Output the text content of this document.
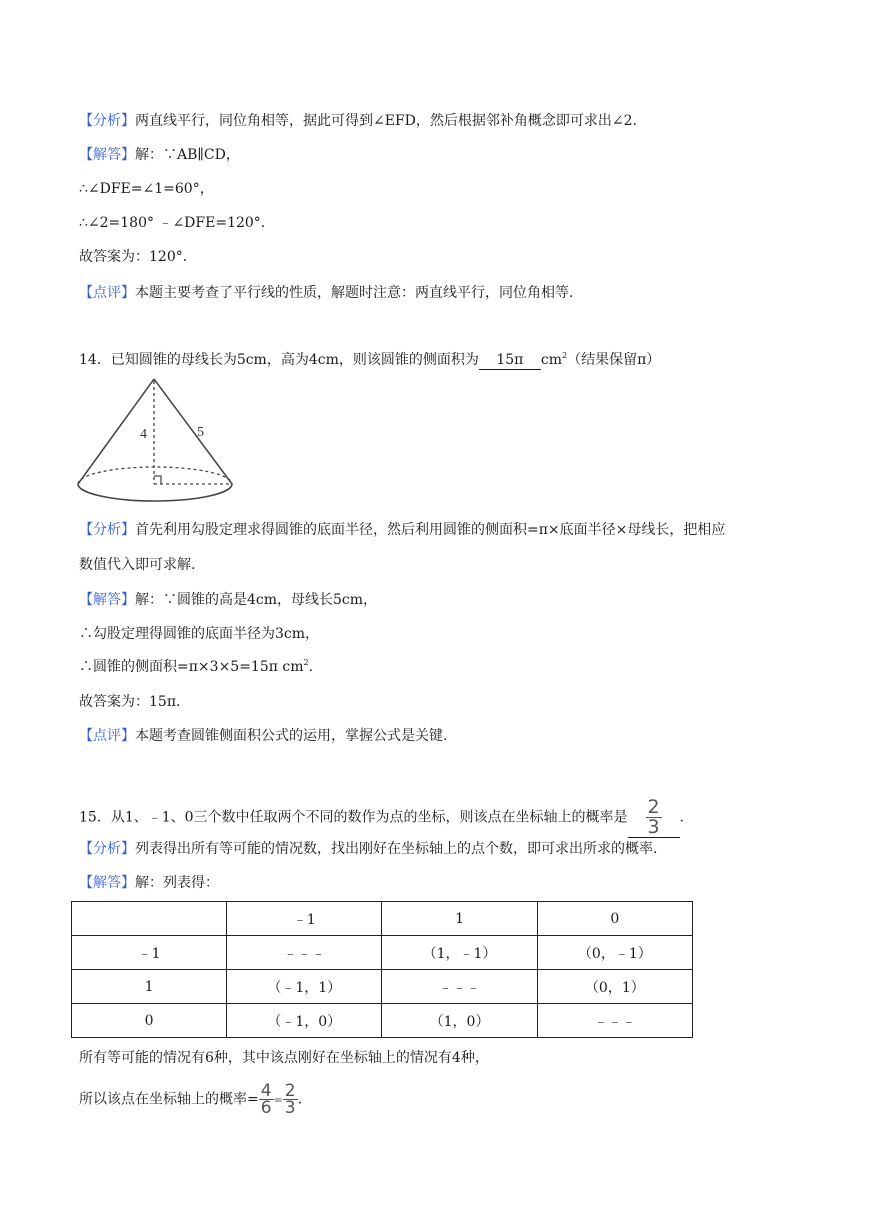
【分析】两直线平行，同位角相等，据此可得到∠EFD，然后根据邻补角概念即可求出∠2.
【解答】解：∵AB∥CD，
∴∠DFE=∠1=60°，
∴∠2=180° ﹣∠DFE=120°．
故答案为：120°．
【点评】本题主要考查了平行线的性质，解题时注意：两直线平行，同位角相等.
14．已知圆锥的母线长为5cm，高为4cm，则该圆锥的侧面积为 15π $cm^2$（结果保留π）
4	5
【分析】首先利用勾股定理求得圆锥的底面半径，然后利用圆锥的侧面积=π×底面半径×母线长，把相应
数值代入即可求解.
【解答】解：∵圆锥的高是4cm，母线长5cm，
∴勾股定理得圆锥的底面半径为3cm，
∴圆锥的侧面积=π×3×5=15π $cm^2$.
故答案为：15π．
【点评】本题考查圆锥侧面积公式的运用，掌握公式是关键.
15．从1、﹣1、0三个数中任取两个不同的数作为点的坐标，则该点在坐标轴上的概率是 $\frac{2}{3}$ .
【分析】列表得出所有等可能的情况数，找出刚好在坐标轴上的点个数，即可求出所求的概率.
【解答】解：列表得：
	﹣1	1	0
﹣1	﹣﹣﹣	（1，﹣1）	（0，﹣1）
1	（﹣1，1）	﹣﹣﹣	（0，1）
0	（﹣1，0）	（1，0）	﹣﹣﹣
所有等可能的情况有6种，其中该点刚好在坐标轴上的情况有4种，
所以该点在坐标轴上的概率= $\frac{4}{6} = \frac{2}{3}$ .
